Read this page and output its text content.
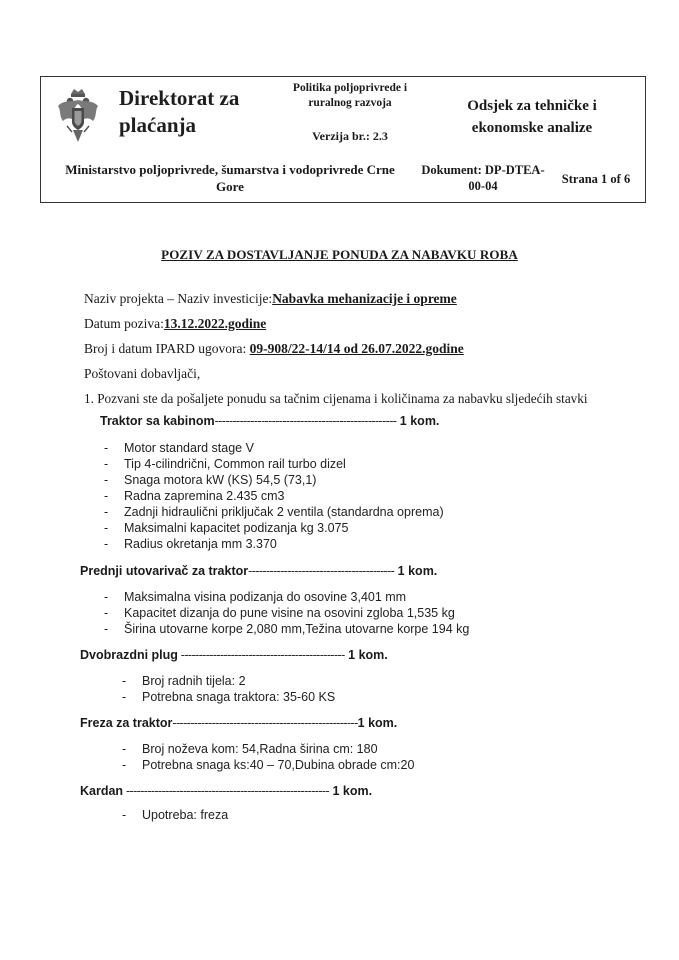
Direktorat za
plaćanja
Politika poljoprivrede i
ruralnog razvoja
Verzija br.: 2.3
Odsjek za tehničke i
ekonomske analize
Ministarstvo poljoprivrede, šumarstva i vodoprivrede Crne
Gore
Dokument: DP-DTEA-
00-04	Strana 1 of 6
POZIV ZA DOSTAVLJANJE PONUDA ZA NABAVKU ROBA
Naziv projekta – Naziv investicije:Nabavka mehanizacije i opreme
Datum poziva:13.12.2022.godine
Broj i datum IPARD ugovora: 09-908/22-14/14 od 26.07.2022.godine
Poštovani dobavljači,
1. Pozvani ste da pošaljete ponudu sa tačnim cijenama i količinama za nabavku sljedećih stavki
Traktor sa kabinom--------------------------------------------------- 1 kom.
- Motor standard stage V
- Tip 4-cilindrični, Common rail turbo dizel
- Snaga motora kW (KS) 54,5 (73,1)
- Radna zapremina 2.435 cm3
- Zadnji hidraulični priključak 2 ventila (standardna oprema)
- Maksimalni kapacitet podizanja kg 3.075
- Radius okretanja mm 3.370
Prednji utovarivač za traktor----------------------------------------- 1 kom.
- Maksimalna visina podizanja do osovine 3,401 mm
- Kapacitet dizanja do pune visine na osovini zgloba 1,535 kg
- Širina utovarne korpe 2,080 mm,Težina utovarne korpe 194 kg
Dvobrazdni plug ---------------------------------------------- 1 kom.
- Broj radnih tijela: 2
- Potrebna snaga traktora: 35-60 KS
Freza za traktor----------------------------------------------------1 kom.
- Broj noževa kom: 54,Radna širina cm: 180
- Potrebna snaga ks:40 – 70,Dubina obrade cm:20
Kardan --------------------------------------------------------- 1 kom.
- Upotreba: freza
